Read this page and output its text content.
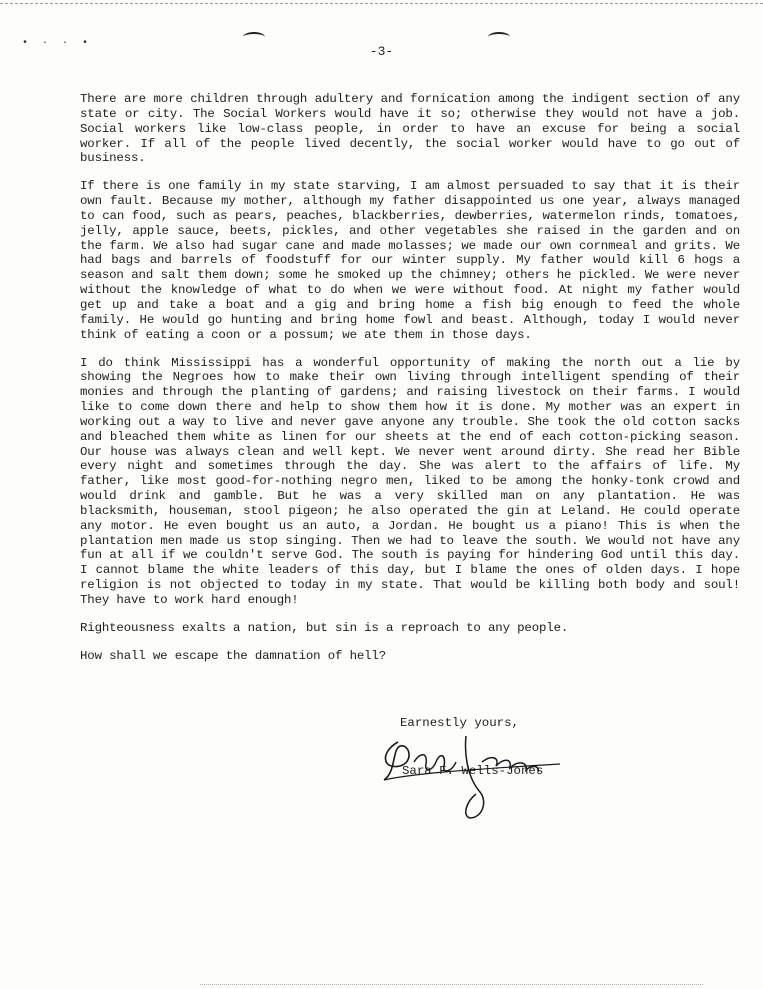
• · · •
-3-

There are more children through adultery and fornication among the indigent section of any state or city. The Social Workers would have it so; otherwise they would not have a job. Social workers like low-class people, in order to have an excuse for being a social worker. If all of the people lived decently, the social worker would have to go out of business.

If there is one family in my state starving, I am almost persuaded to say that it is their own fault. Because my mother, although my father disappointed us one year, always managed to can food, such as pears, peaches, blackberries, dewberries, watermelon rinds, tomatoes, jelly, apple sauce, beets, pickles, and other vegetables she raised in the garden and on the farm. We also had sugar cane and made molasses; we made our own cornmeal and grits. We had bags and barrels of foodstuff for our winter supply. My father would kill 6 hogs a season and salt them down; some he smoked up the chimney; others he pickled. We were never without the knowledge of what to do when we were without food. At night my father would get up and take a boat and a gig and bring home a fish big enough to feed the whole family. He would go hunting and bring home fowl and beast. Although, today I would never think of eating a coon or a possum; we ate them in those days.

I do think Mississippi has a wonderful opportunity of making the north out a lie by showing the Negroes how to make their own living through intelligent spending of their monies and through the planting of gardens; and raising livestock on their farms. I would like to come down there and help to show them how it is done. My mother was an expert in working out a way to live and never gave anyone any trouble. She took the old cotton sacks and bleached them white as linen for our sheets at the end of each cotton-picking season. Our house was always clean and well kept. We never went around dirty. She read her Bible every night and sometimes through the day. She was alert to the affairs of life. My father, like most good-for-nothing negro men, liked to be among the honky-tonk crowd and would drink and gamble. But he was a very skilled man on any plantation. He was blacksmith, houseman, stool pigeon; he also operated the gin at Leland. He could operate any motor. He even bought us an auto, a Jordan. He bought us a piano! This is when the plantation men made us stop singing. Then we had to leave the south. We would not have any fun at all if we couldn't serve God. The south is paying for hindering God until this day. I cannot blame the white leaders of this day, but I blame the ones of olden days. I hope religion is not objected to today in my state. That would be killing both body and soul! They have to work hard enough!

Righteousness exalts a nation, but sin is a reproach to any people.

How shall we escape the damnation of hell?

Earnestly yours,
Sara F. Wells-Jones
